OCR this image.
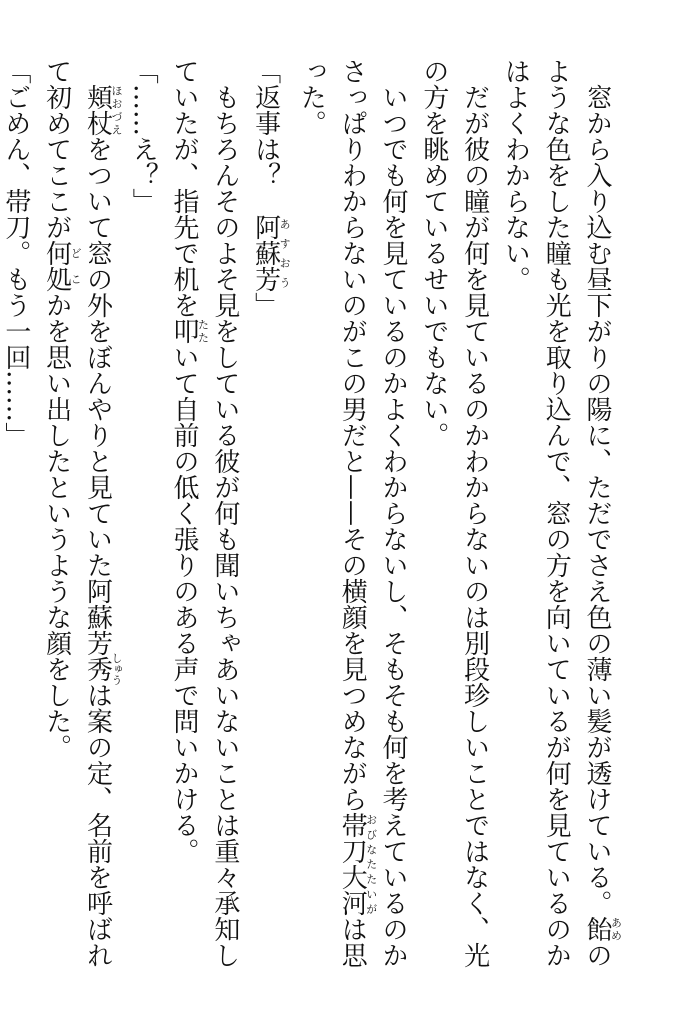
窓から入り込む昼下がりの陽に、ただでさえ色の薄い髪が透けている。飴あめのような色をした瞳も光を取り込んで、窓の方を向いているが何を見ているのかはよくわからない。

だが彼の瞳が何を見ているのかわからないのは別段珍しいことではなく、光の方を眺めているせいでもない。

いつでも何を見ているのかよくわからないし、そもそも何を考えているのかさっぱりわからないのがこの男だと——その横顔を見つめながら帯刀大河おびなたたいがは思った。

「返事は？　阿蘇芳あすおう」

もちろんそのよそ見をしている彼が何も聞いちゃあいないことは重々承知していたが、指先で机を叩たたいて自前の低く張りのある声で問いかける。

「……え？」

頬杖ほおづえをついて窓の外をぼんやりと見ていた阿蘇芳秀しゅうは案の定、名前を呼ばれて初めてここが何処どこかを思い出したというような顔をした。

「ごめん、帯刀。もう一回……」
